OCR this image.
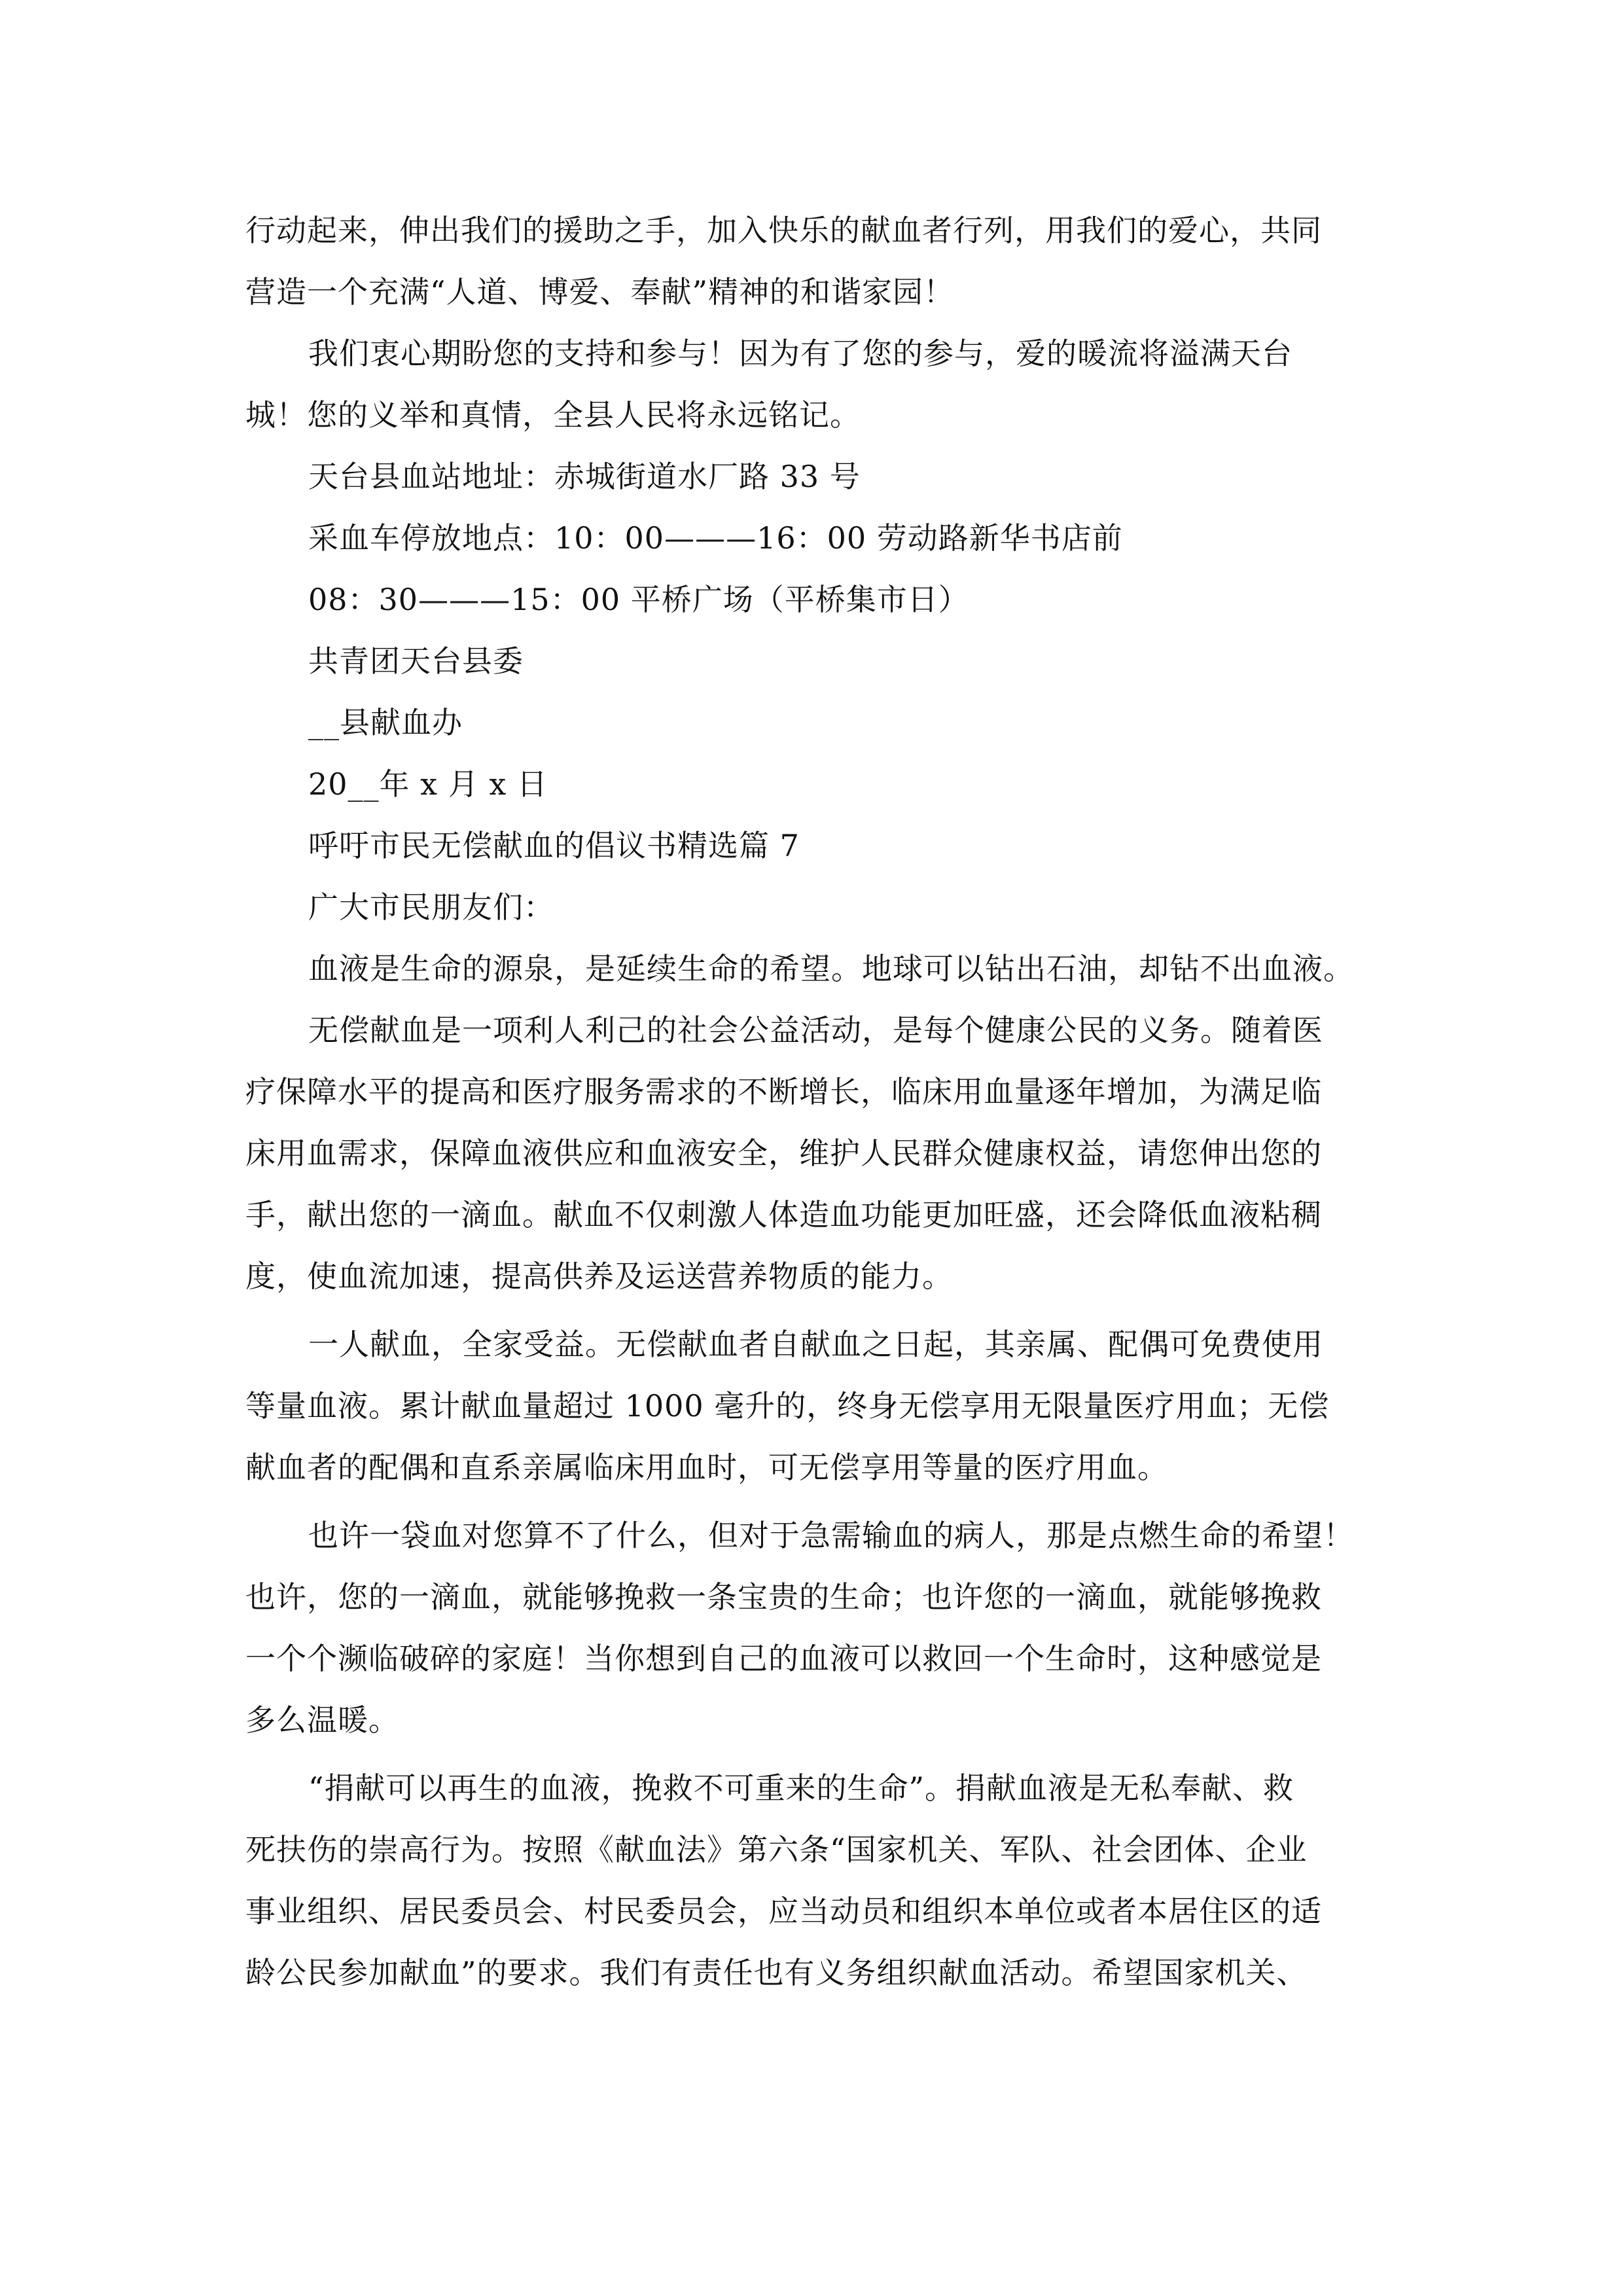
行动起来，伸出我们的援助之手，加入快乐的献血者行列，用我们的爱心，共同
营造一个充满“人道、博爱、奉献”精神的和谐家园！
我们衷心期盼您的支持和参与！因为有了您的参与，爱的暖流将溢满天台
城！您的义举和真情，全县人民将永远铭记。
天台县血站地址：赤城街道水厂路 33 号
采血车停放地点：10：00———16：00 劳动路新华书店前
08：30———15：00 平桥广场（平桥集市日）
共青团天台县委
__县献血办
20__年 x 月 x 日
呼吁市民无偿献血的倡议书精选篇 7
广大市民朋友们：
血液是生命的源泉，是延续生命的希望。地球可以钻出石油，却钻不出血液。
无偿献血是一项利人利己的社会公益活动，是每个健康公民的义务。随着医
疗保障水平的提高和医疗服务需求的不断增长，临床用血量逐年增加，为满足临
床用血需求，保障血液供应和血液安全，维护人民群众健康权益，请您伸出您的
手，献出您的一滴血。献血不仅刺激人体造血功能更加旺盛，还会降低血液粘稠
度，使血流加速，提高供养及运送营养物质的能力。
一人献血，全家受益。无偿献血者自献血之日起，其亲属、配偶可免费使用
等量血液。累计献血量超过 1000 毫升的，终身无偿享用无限量医疗用血；无偿
献血者的配偶和直系亲属临床用血时，可无偿享用等量的医疗用血。
也许一袋血对您算不了什么，但对于急需输血的病人，那是点燃生命的希望！
也许，您的一滴血，就能够挽救一条宝贵的生命；也许您的一滴血，就能够挽救
一个个濒临破碎的家庭！当你想到自己的血液可以救回一个生命时，这种感觉是
多么温暖。
“捐献可以再生的血液，挽救不可重来的生命”。捐献血液是无私奉献、救
死扶伤的崇高行为。按照《献血法》第六条“国家机关、军队、社会团体、企业
事业组织、居民委员会、村民委员会，应当动员和组织本单位或者本居住区的适
龄公民参加献血”的要求。我们有责任也有义务组织献血活动。希望国家机关、
